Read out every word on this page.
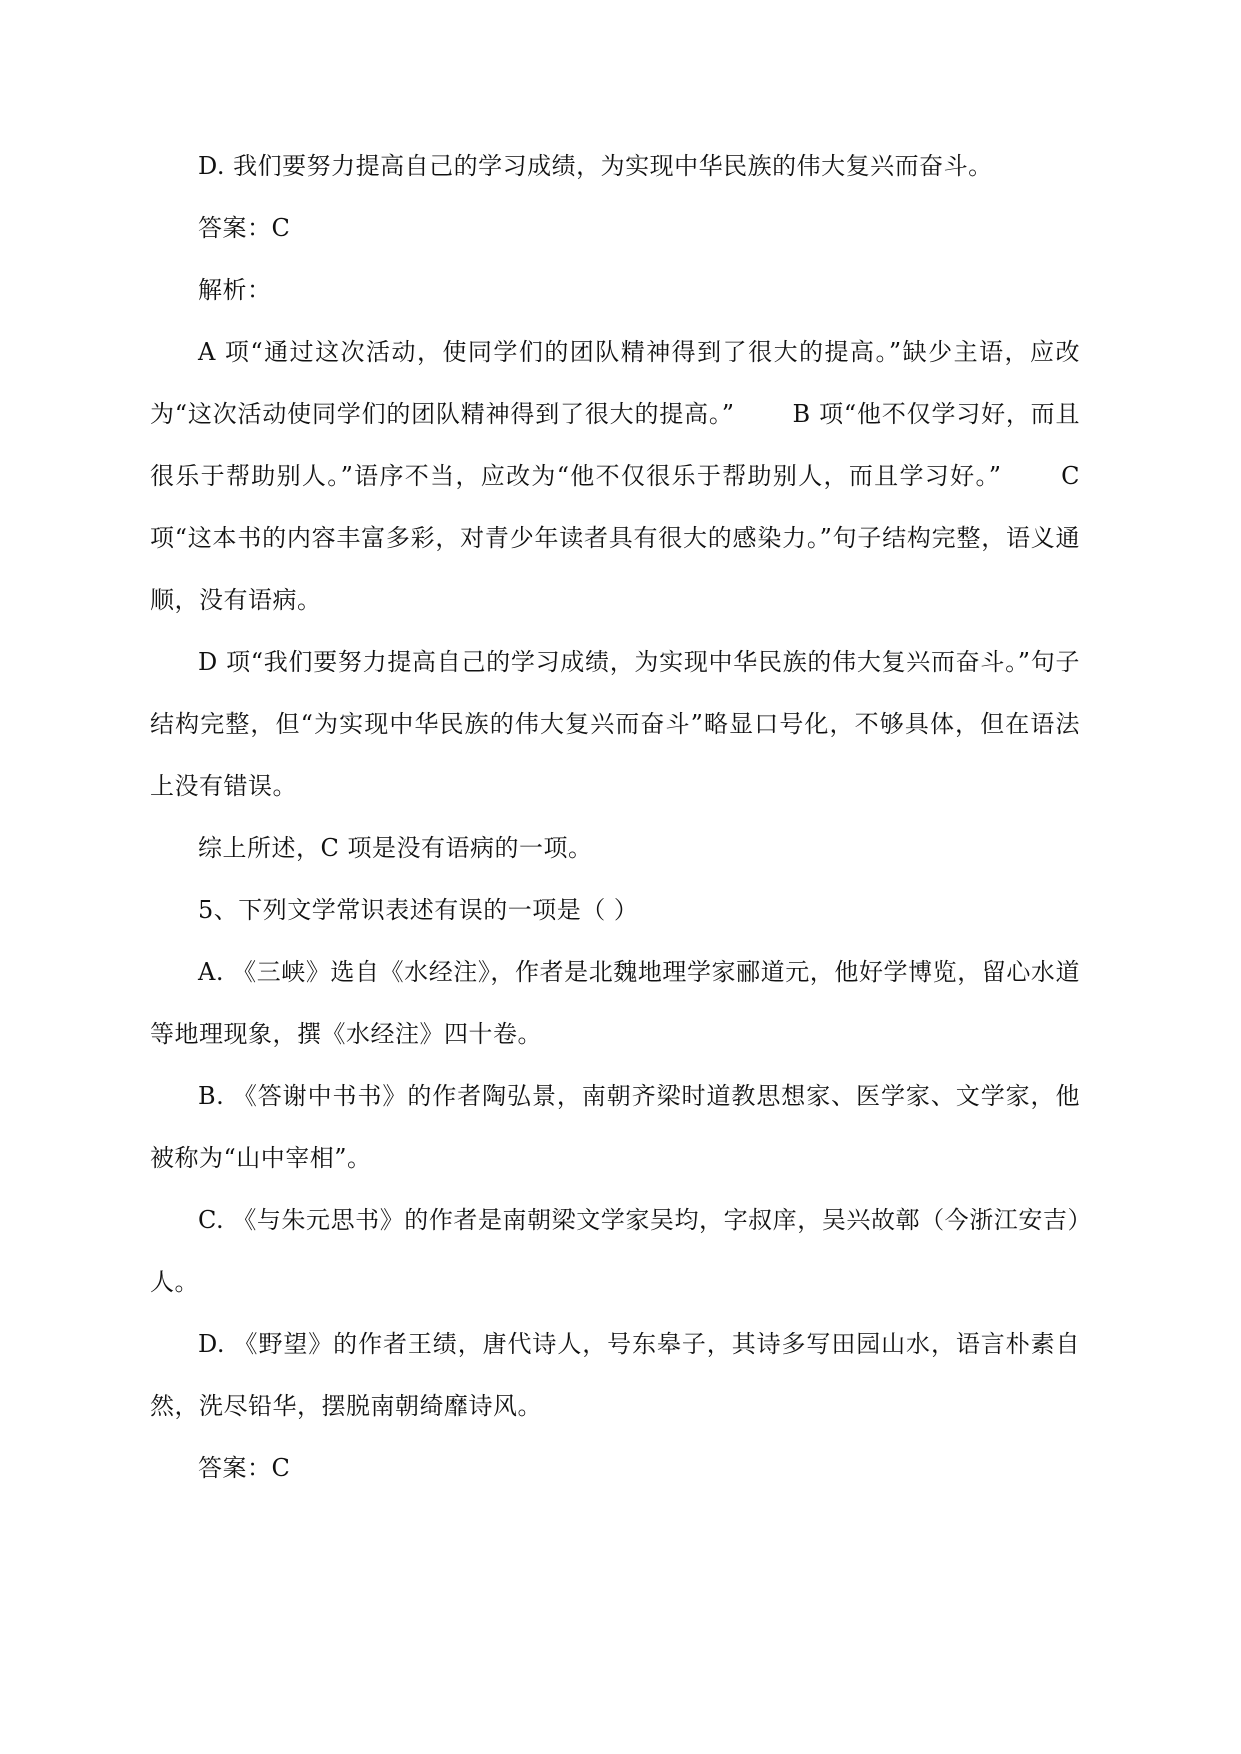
D. 我们要努力提高自己的学习成绩，为实现中华民族的伟大复兴而奋斗。

答案：C

解析：

A 项“通过这次活动，使同学们的团队精神得到了很大的提高。”缺少主语，应改为“这次活动使同学们的团队精神得到了很大的提高。” 　　B 项“他不仅学习好，而且很乐于帮助别人。”语序不当，应改为“他不仅很乐于帮助别人，而且学习好。” 　　C 项“这本书的内容丰富多彩，对青少年读者具有很大的感染力。”句子结构完整，语义通顺，没有语病。

D 项“我们要努力提高自己的学习成绩，为实现中华民族的伟大复兴而奋斗。”句子结构完整，但“为实现中华民族的伟大复兴而奋斗”略显口号化，不够具体，但在语法上没有错误。

综上所述，C 项是没有语病的一项。

5、下列文学常识表述有误的一项是（ ）

A. 《三峡》选自《水经注》，作者是北魏地理学家郦道元，他好学博览，留心水道等地理现象，撰《水经注》四十卷。

B. 《答谢中书书》的作者陶弘景，南朝齐梁时道教思想家、医学家、文学家，他被称为“山中宰相”。

C. 《与朱元思书》的作者是南朝梁文学家吴均，字叔庠，吴兴故鄣（今浙江安吉）人。

D. 《野望》的作者王绩，唐代诗人，号东皋子，其诗多写田园山水，语言朴素自然，洗尽铅华，摆脱南朝绮靡诗风。

答案：C
